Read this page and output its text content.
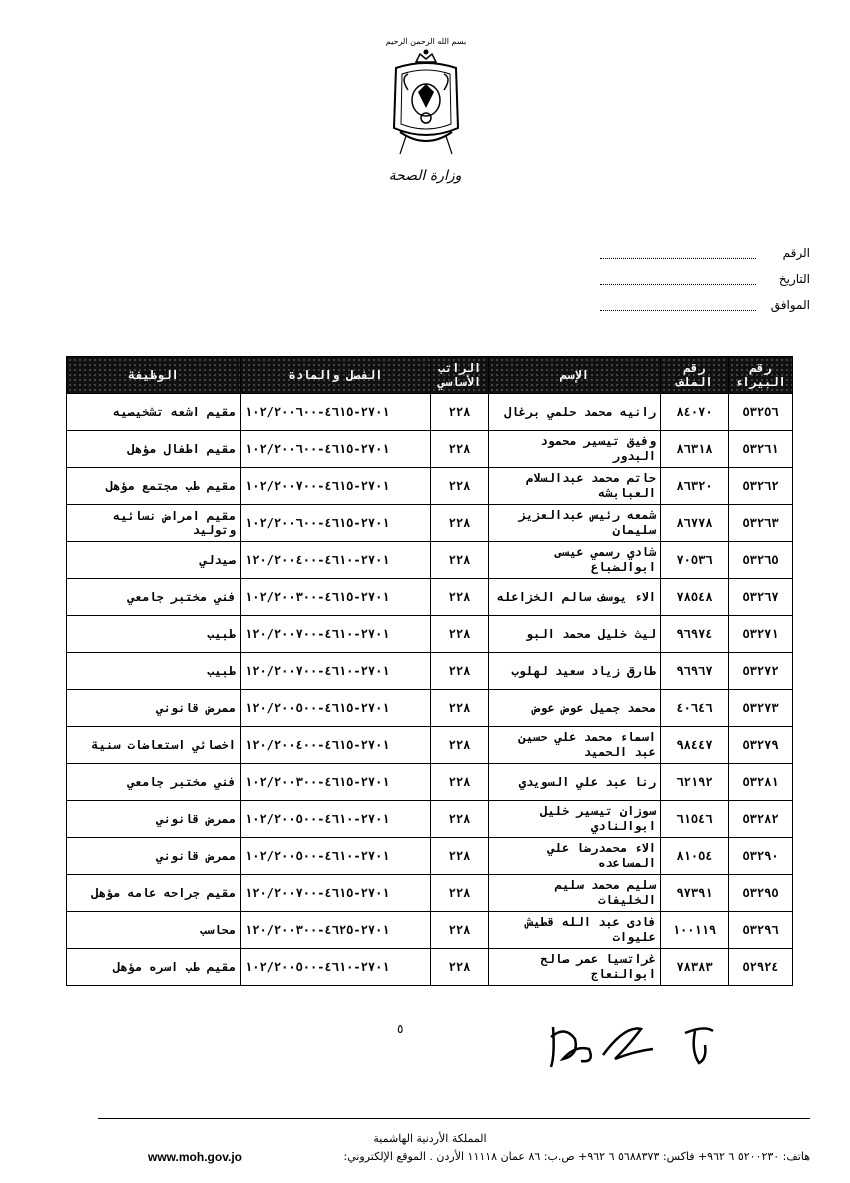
بسم الله الرحمن الرحيم
وزارة الصحة
الرقم
التاريخ
الموافق
رقم البيراء	رقم الملف	الإسم	الراتب الأساسي	الفصل والمادة	الوظيفة
٥٣٢٥٦	٨٤٠٧٠	رانيه محمد حلمي برغال	٢٢٨	٢٧٠١-٤٦١٥-١٠٢/٢٠٠٦٠٠	مقيم اشعه تشخيصيه
٥٣٢٦١	٨٦٣١٨	وفيق تيسير محمود البدور	٢٢٨	٢٧٠١-٤٦١٥-١٠٢/٢٠٠٦٠٠	مقيم اطفال مؤهل
٥٣٢٦٢	٨٦٣٢٠	حاتم محمد عبدالسلام العبابشه	٢٢٨	٢٧٠١-٤٦١٥-١٠٢/٢٠٠٧٠٠	مقيم طب مجتمع مؤهل
٥٣٢٦٣	٨٦٧٧٨	شمعه رئيس عبدالعزيز سليمان	٢٢٨	٢٧٠١-٤٦١٥-١٠٢/٢٠٠٦٠٠	مقيم امراض نسائيه وتوليد
٥٣٢٦٥	٧٠٥٣٦	شادي رسمي عيسى ابوالضباع	٢٢٨	٢٧٠١-٤٦١٠-١٢٠/٢٠٠٤٠٠	صيدلي
٥٣٢٦٧	٧٨٥٤٨	الاء يوسف سالم الخزاعله	٢٢٨	٢٧٠١-٤٦١٥-١٠٢/٢٠٠٣٠٠	فني مختبر جامعي
٥٣٢٧١	٩٦٩٧٤	ليث خليل محمد البو	٢٢٨	٢٧٠١-٤٦١٠-١٢٠/٢٠٠٧٠٠	طبيب
٥٣٢٧٢	٩٦٩٦٧	طارق زياد سعيد لهلوب	٢٢٨	٢٧٠١-٤٦١٠-١٢٠/٢٠٠٧٠٠	طبيب
٥٣٢٧٣	٤٠٦٤٦	محمد جميل عوض عوض	٢٢٨	٢٧٠١-٤٦١٥-١٢٠/٢٠٠٥٠٠	ممرض قانوني
٥٣٢٧٩	٩٨٤٤٧	اسماء محمد علي حسين عبد الحميد	٢٢٨	٢٧٠١-٤٦١٥-١٢٠/٢٠٠٤٠٠	اخصائي استعاضات سنية
٥٣٢٨١	٦٢١٩٢	رنا عبد علي السويدي	٢٢٨	٢٧٠١-٤٦١٥-١٠٢/٢٠٠٣٠٠	فني مختبر جامعي
٥٣٢٨٢	٦١٥٤٦	سوزان تيسير خليل ابوالنادي	٢٢٨	٢٧٠١-٤٦١٠-١٠٢/٢٠٠٥٠٠	ممرض قانوني
٥٣٢٩٠	٨١٠٥٤	الاء محمدرضا علي المساعده	٢٢٨	٢٧٠١-٤٦١٠-١٠٢/٢٠٠٥٠٠	ممرض قانوني
٥٣٢٩٥	٩٧٣٩١	سليم محمد سليم الخليفات	٢٢٨	٢٧٠١-٤٦١٥-١٢٠/٢٠٠٧٠٠	مقيم جراحه عامه مؤهل
٥٣٢٩٦	١٠٠١١٩	فادى عبد الله قطيش عليوات	٢٢٨	٢٧٠١-٤٦٢٥-١٢٠/٢٠٠٣٠٠	محاسب
٥٢٩٢٤	٧٨٣٨٣	غراتسيا عمر صالح ابوالنعاج	٢٢٨	٢٧٠١-٤٦١٠-١٠٢/٢٠٠٥٠٠	مقيم طب اسره مؤهل
٥
المملكة الأردنية الهاشمية
هاتف: ٥٢٠٠٢٣٠ ٦ ٩٦٢+ فاكس: ٥٦٨٨٣٧٣ ٦ ٩٦٢+ ص.ب: ٨٦ عمان ١١١١٨ الأردن . الموقع الإلكتروني:
www.moh.gov.jo
